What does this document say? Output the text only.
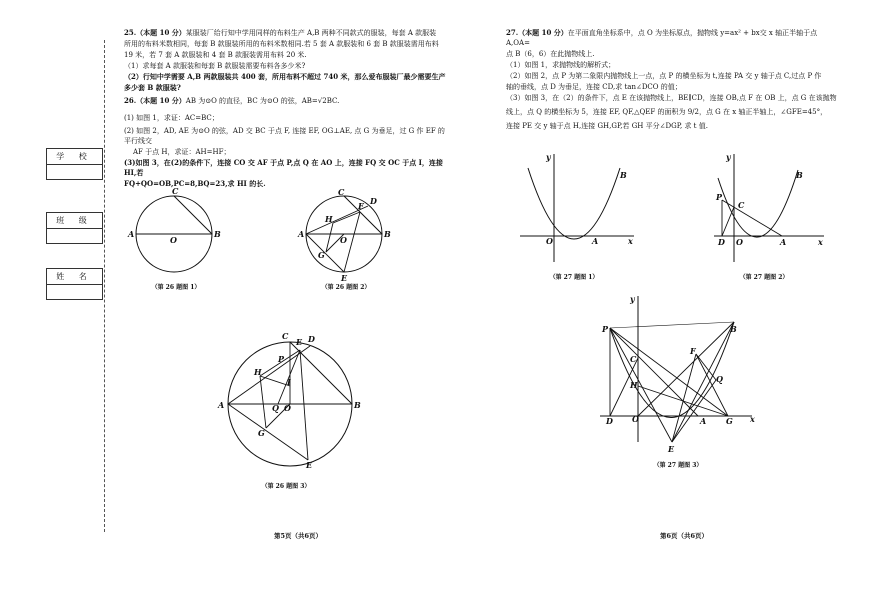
学 校
班 级
姓 名

25.（本题 10 分）某服装厂给行知中学用同样的布料生产 A,B 两种不同款式的服装，每套 A 款服装

所用的布料米数相同，每套 B 款服装所用的布料米数相同.若 5 套 A 款服装和 6 套 B 款服装需用布料

19 米，若 7 套 A 款服装和 4 套 B 款服装需用布料 20 米.

（1）求每套 A 款服装和每套 B 款服装需要布料各多少米?

（2）行知中学需要 A,B 两款服装共 400 套，所用布料不超过 740 米，那么爱布服装厂最少需要生产

多少套 B 款服装?

26.（本题 10 分）AB 为⊙O 的直径，BC 为⊙O 的弦，AB=√2BC.

(1) 如图 1，求证：AC=BC；

(2) 如图 2，AD, AE 为⊙O 的弦，AD 交 BC 于点 F, 连接 EF, OG⊥AE, 点 G 为垂足，过 G 作 EF 的平行线交

AF 于点 H，求证：AH=HF；

(3)如图 3，在(2)的条件下，连接 CO 交 AF 于点 P,点 Q 在 AO 上，连接 FQ 交 OC 于点 I，连接 HI,若

FQ+QO=OB,PC=8,BQ=23,求 HI 的长.

27.（本题 10 分）在平面直角坐标系中，点 O 为坐标原点，抛物线 y=ax² + bx交 x 轴正半轴于点 A,OA=

点 B（6，6）在此抛物线上.

（1）如图 1，求抛物线的解析式；

（2）如图 2，点 P 为第二象限内抛物线上一点，点 P 的横坐标为 t,连接 PA 交 y 轴于点 C,过点 P 作

轴的垂线，点 D 为垂足，连接 CD,求 tan∠DCO 的值；

（3）如图 3，在（2）的条件下，点 E 在该抛物线上，BE∥CD，连接 OB,点 F 在 OB 上，点 G 在该抛物

线上，点 Q 的横坐标为 5，连接 EF, QF,△QEF 的面积为 9/2，点 G 在 x 轴正半轴上，∠GFE=45°，

连接 PE 交 y 轴于点 H,连接 GH,GP,若 GH 平分∠DGP, 求 t 值.

C
A
O
B
（第 26 题图 1）
C
D
F
H
A
O
B
G
E
（第 26 题图 2）
C
E D
P
H
I
A	Q O	B
G
E
（第 26 题图 3）
y
B
O	A	x
（第 27 题图 1）
y
B
P
C
D O	A	x
（第 27 题图 2）
y
P	B
C
F
H
Q
D O	A G x
E
（第 27 题图 3）
第5页（共6页）	第6页（共6页）
